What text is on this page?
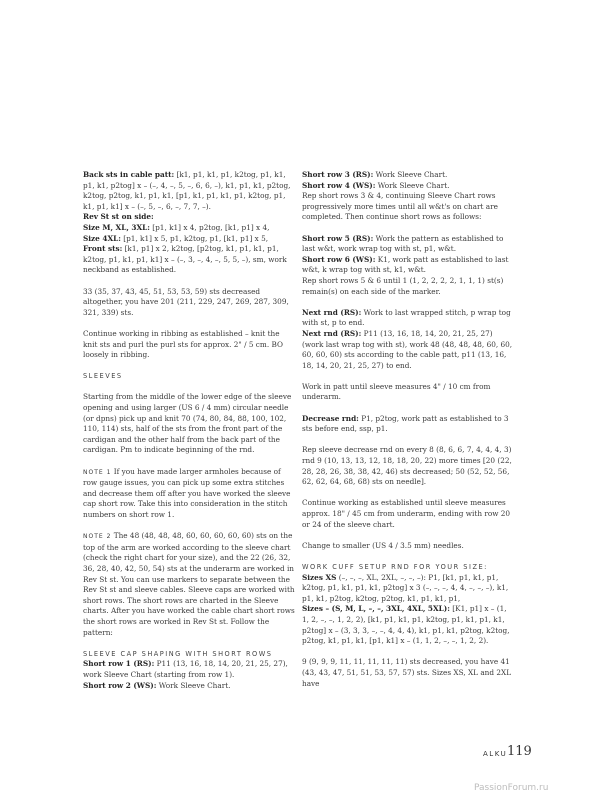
Back sts in cable patt: [k1, p1, k1, p1, k2tog, p1, k1, p1, k1, p2tog] x – (–, 4, –, 5, –, 6, 6, –), k1, p1, k1, p2tog, k2tog, p2tog, k1, p1, k1, [p1, k1, p1, k1, p1, k2tog, p1, k1, p1, k1] x – (–, 5, –, 6, –, 7, 7, –).

Rev St st on side:

Size M, XL, 3XL: [p1, k1] x 4, p2tog, [k1, p1] x 4,

Size 4XL: [p1, k1] x 5, p1, k2tog, p1, [k1, p1] x 5,

Front sts: [k1, p1] x 2, k2tog, [p2tog, k1, p1, k1, p1, k2tog, p1, k1, p1, k1] x – (–, 3, –, 4, –, 5, 5, –), sm, work neckband as established.

33 (35, 37, 43, 45, 51, 53, 53, 59) sts decreased altogether, you have 201 (211, 229, 247, 269, 287, 309, 321, 339) sts.

Continue working in ribbing as established – knit the knit sts and purl the purl sts for approx. 2" / 5 cm. BO loosely in ribbing.

SLEEVES

Starting from the middle of the lower edge of the sleeve opening and using larger (US 6 / 4 mm) circular needle (or dpns) pick up and knit 70 (74, 80, 84, 88, 100, 102, 110, 114) sts, half of the sts from the front part of the cardigan and the other half from the back part of the cardigan. Pm to indicate beginning of the rnd.

NOTE 1 If you have made larger armholes because of row gauge issues, you can pick up some extra stitches and decrease them off after you have worked the sleeve cap short row. Take this into consideration in the stitch numbers on short row 1.

NOTE 2 The 48 (48, 48, 48, 60, 60, 60, 60, 60) sts on the top of the arm are worked according to the sleeve chart (check the right chart for your size), and the 22 (26, 32, 36, 28, 40, 42, 50, 54) sts at the underarm are worked in Rev St st. You can use markers to separate between the Rev St st and sleeve cables. Sleeve caps are worked with short rows. The short rows are charted in the Sleeve charts. After you have worked the cable chart short rows the short rows are worked in Rev St st. Follow the pattern:

SLEEVE CAP SHAPING WITH SHORT ROWS

Short row 1 (RS): P11 (13, 16, 18, 14, 20, 21, 25, 27), work Sleeve Chart (starting from row 1).

Short row 2 (WS): Work Sleeve Chart.

Short row 3 (RS): Work Sleeve Chart.

Short row 4 (WS): Work Sleeve Chart.

Rep short rows 3 & 4, continuing Sleeve Chart rows progressively more times until all w&t's on chart are completed. Then continue short rows as follows:

Short row 5 (RS): Work the pattern as established to last w&t, work wrap tog with st, p1, w&t.

Short row 6 (WS): K1, work patt as established to last w&t, k wrap tog with st, k1, w&t.

Rep short rows 5 & 6 until 1 (1, 2, 2, 2, 2, 1, 1, 1) st(s) remain(s) on each side of the marker.

Next rnd (RS): Work to last wrapped stitch, p wrap tog with st, p to end.

Next rnd (RS): P11 (13, 16, 18, 14, 20, 21, 25, 27) (work last wrap tog with st), work 48 (48, 48, 48, 60, 60, 60, 60, 60) sts according to the cable patt, p11 (13, 16, 18, 14, 20, 21, 25, 27) to end.

Work in patt until sleeve measures 4" / 10 cm from underarm.

Decrease rnd: P1, p2tog, work patt as established to 3 sts before end, ssp, p1.

Rep sleeve decrease rnd on every 8 (8, 6, 6, 7, 4, 4, 4, 3) rnd 9 (10, 13, 13, 12, 18, 18, 20, 22) more times [20 (22, 28, 28, 26, 38, 38, 42, 46) sts decreased; 50 (52, 52, 56, 62, 62, 64, 68, 68) sts on needle].

Continue working as established until sleeve measures approx. 18" / 45 cm from underarm, ending with row 20 or 24 of the sleeve chart.

Change to smaller (US 4 / 3.5 mm) needles.

WORK CUFF SETUP RND FOR YOUR SIZE:

Sizes XS (–, –, –, XL, 2XL, –, –, –): P1, [k1, p1, k1, p1, k2tog, p1, k1, p1, k1, p2tog] x 3 (–, –, –, 4, 4, –, –, –), k1, p1, k1, p2tog, k2tog, p2tog, k1, p1, k1, p1,

Sizes – (S, M, L, –, –, 3XL, 4XL, 5XL): [K1, p1] x – (1, 1, 2, –, –, 1, 2, 2), [k1, p1, k1, p1, k2tog, p1, k1, p1, k1, p2tog] x – (3, 3, 3, –, –, 4, 4, 4), k1, p1, k1, p2tog, k2tog, p2tog, k1, p1, k1, [p1, k1] x – (1, 1, 2, –, –, 1, 2, 2).

9 (9, 9, 9, 11, 11, 11, 11, 11) sts decreased, you have 41 (43, 43, 47, 51, 51, 53, 57, 57) sts. Sizes XS, XL and 2XL have

ALKU 119
PassionForum.ru
